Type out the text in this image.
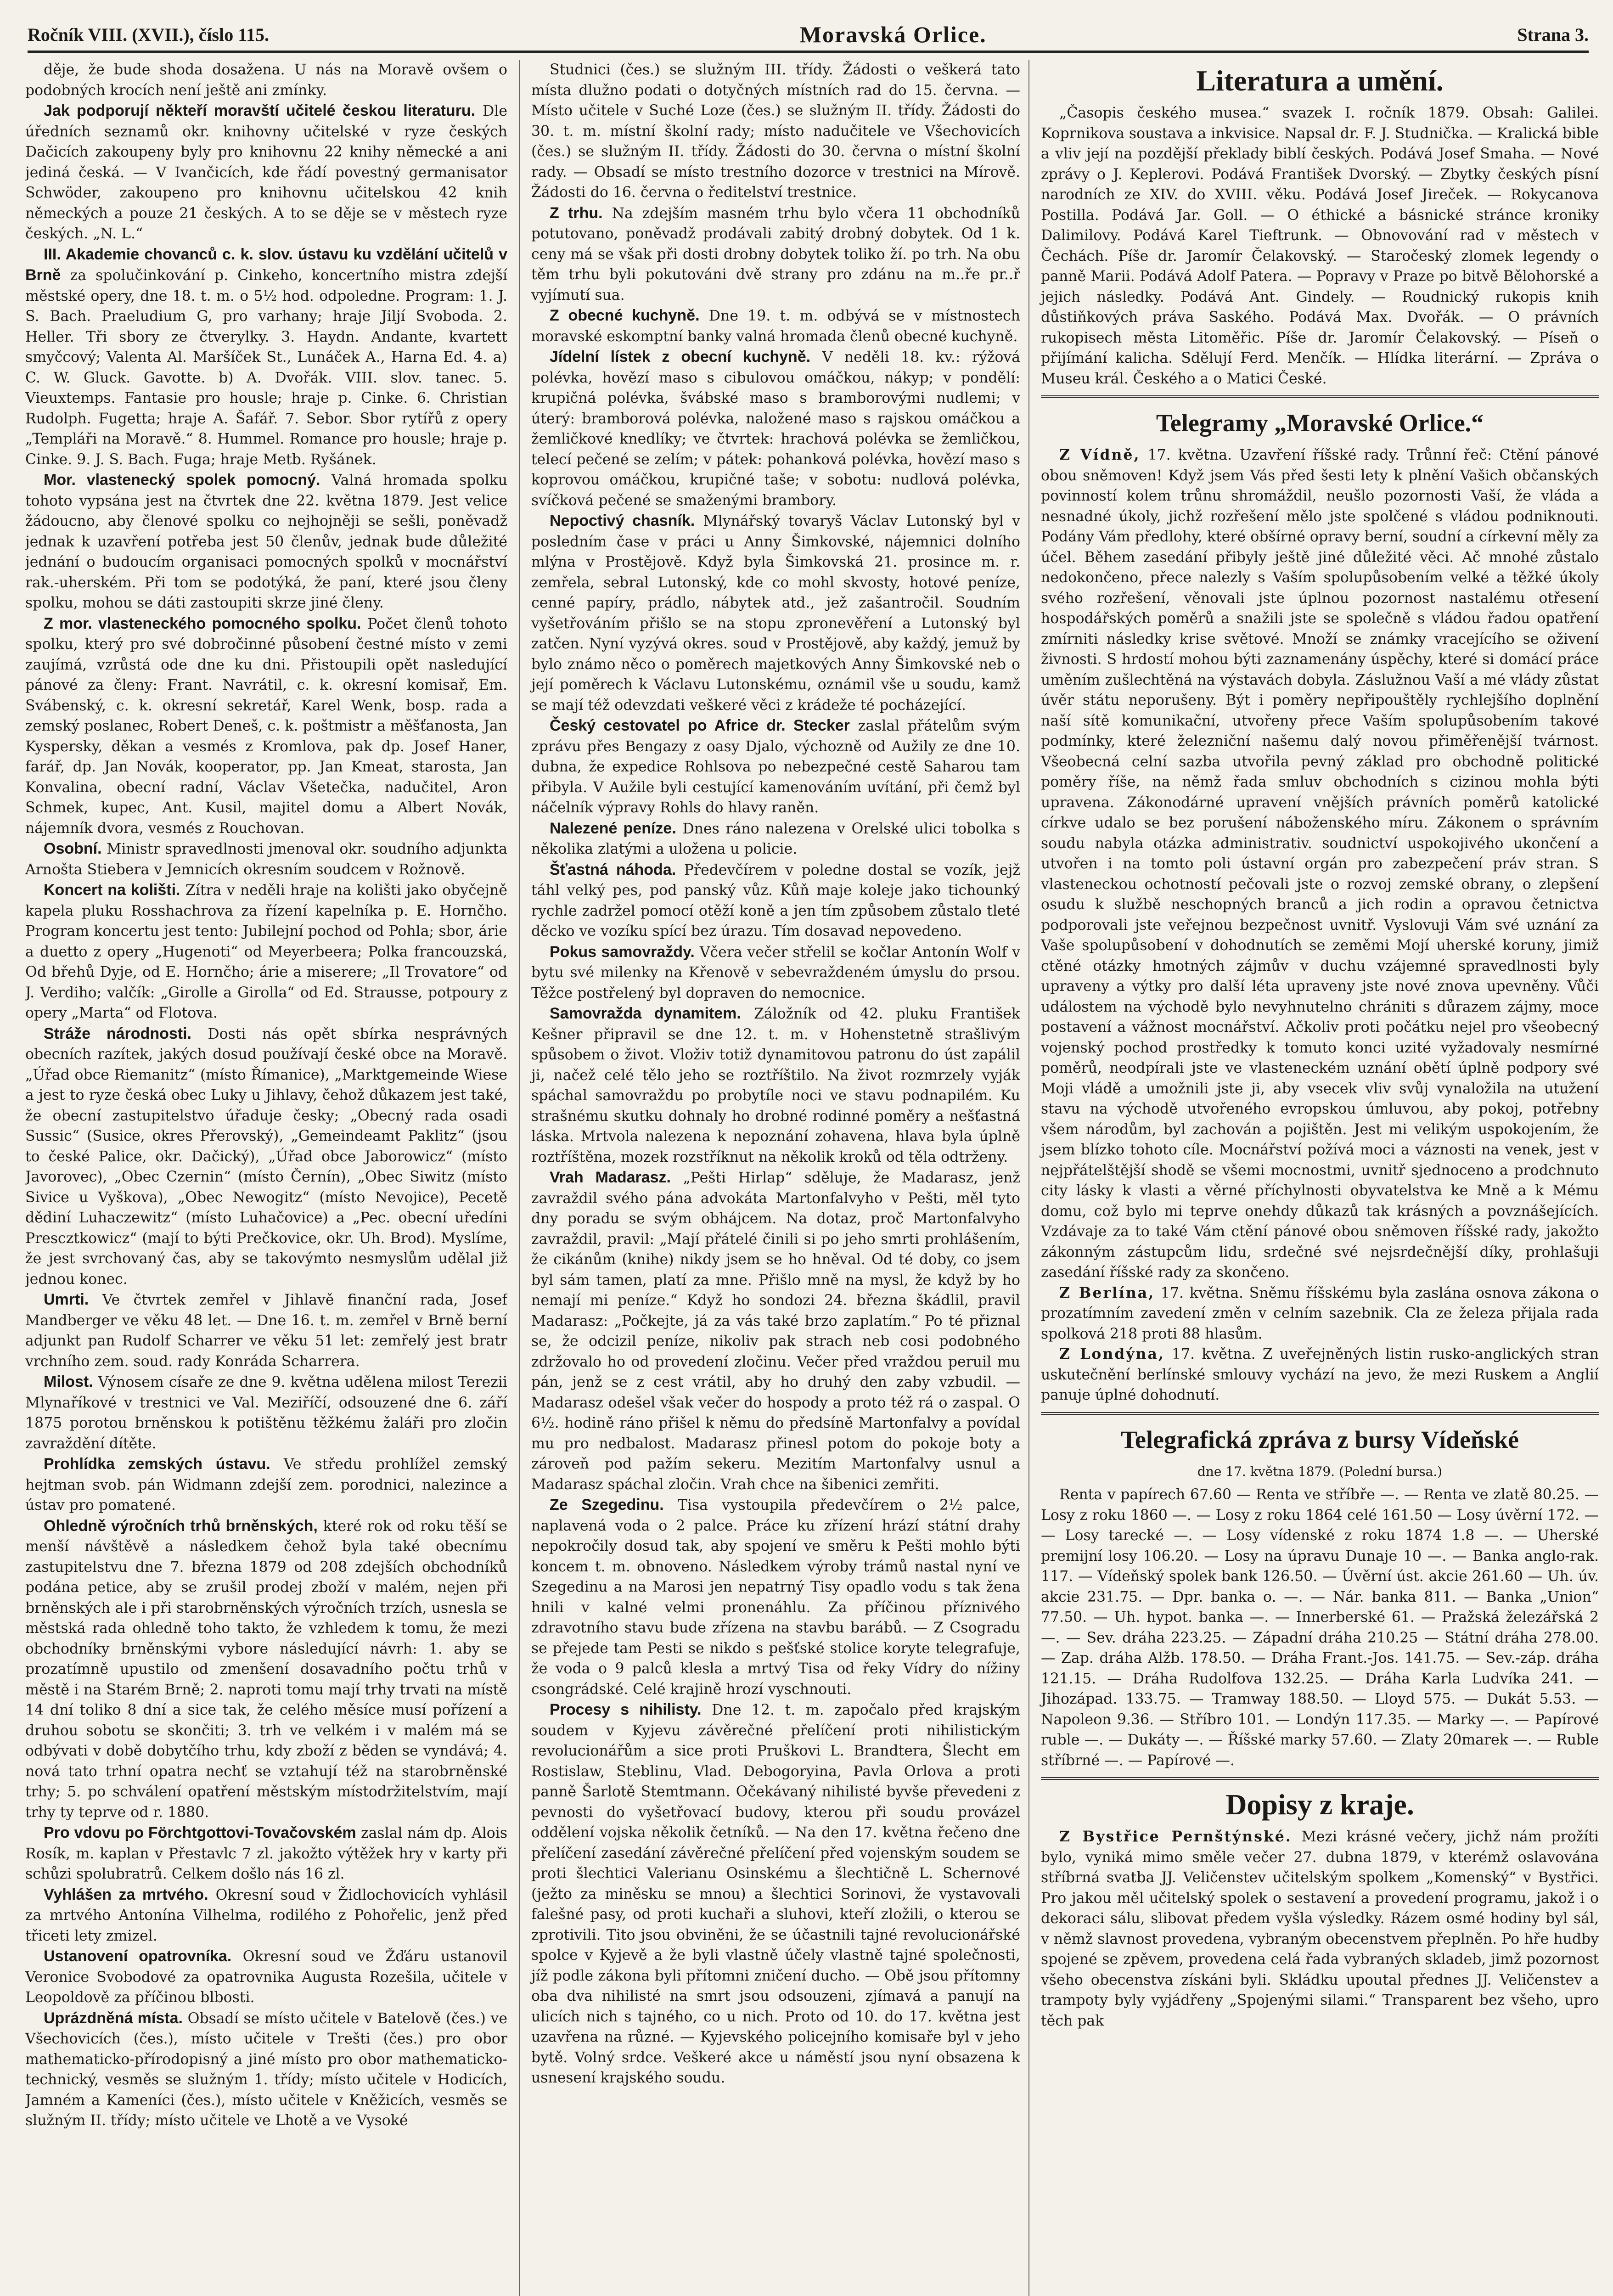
Ročník VIII. (XVII.), číslo 115.	Moravská Orlice.	Strana 3.

děje, že bude shoda dosažena. U nás na Moravě ovšem o podobných krocích není ještě ani zmínky.

Jak podporují někteří moravští učitelé českou literaturu. Dle úředních seznamů okr. knihovny učitelské v ryze českých Dačicích zakoupeny byly pro knihovnu 22 knihy německé a ani jediná česká. — V Ivančicích, kde řádí povestný germanisator Schwöder, zakoupeno pro knihovnu učitelskou 42 knih německých a pouze 21 českých. A to se děje se v městech ryze českých. „N. L.“

III. Akademie chovanců c. k. slov. ústavu ku vzdělání učitelů v Brně za spolučinkování p. Cinkeho, koncertního mistra zdejší městské opery, dne 18. t. m. o 5½ hod. odpoledne. Program: 1. J. S. Bach. Praeludium G, pro varhany; hraje Jiljí Svoboda. 2. Heller. Tři sbory ze čtverylky. 3. Haydn. Andante, kvartett smyčcový; Valenta Al. Maršíček St., Lunáček A., Harna Ed. 4. a) C. W. Gluck. Gavotte. b) A. Dvořák. VIII. slov. tanec. 5. Vieuxtemps. Fantasie pro housle; hraje p. Cinke. 6. Christian Rudolph. Fugetta; hraje A. Šafář. 7. Sebor. Sbor rytířů z opery „Templáři na Moravě.“ 8. Hummel. Romance pro housle; hraje p. Cinke. 9. J. S. Bach. Fuga; hraje Metb. Ryšánek.

Mor. vlastenecký spolek pomocný. Valná hromada spolku tohoto vypsána jest na čtvrtek dne 22. května 1879. Jest velice žádoucno, aby členové spolku co nejhojněji se sešli, poněvadž jednak k uzavření potřeba jest 50 členův, jednak bude důležité jednání o budoucím organisaci pomocných spolků v mocnářství rak.-uherském. Při tom se podotýká, že paní, které jsou členy spolku, mohou se dáti zastoupiti skrze jiné členy.

Z mor. vlasteneckého pomocného spolku. Počet členů tohoto spolku, který pro své dobročinné působení čestné místo v zemi zaujímá, vzrůstá ode dne ku dni. Přistoupili opět nasledující pánové za členy: Frant. Navrátil, c. k. okresní komisař, Em. Svábenský, c. k. okresní sekretář, Karel Wenk, bosp. rada a zemský poslanec, Robert Deneš, c. k. poštmistr a měšťanosta, Jan Kyspersky, děkan a vesmés z Kromlova, pak dp. Josef Haner, farář, dp. Jan Novák, kooperator, pp. Jan Kmeat, starosta, Jan Konvalina, obecní radní, Václav Všetečka, nadučitel, Aron Schmek, kupec, Ant. Kusil, majitel domu a Albert Novák, nájemník dvora, vesmés z Rouchovan.

Osobní. Ministr spravedlnosti jmenoval okr. soudního adjunkta Arnošta Stiebera v Jemnicích okresním soudcem v Rožnově.

Koncert na kolišti. Zítra v neděli hraje na kolišti jako obyčejně kapela pluku Rosshachrova za řízení kapelníka p. E. Hornčho. Program koncertu jest tento: Jubilejní pochod od Pohla; sbor, árie a duetto z opery „Hugenoti“ od Meyerbeera; Polka francouzská, Od břehů Dyje, od E. Hornčho; árie a miserere; „Il Trovatore“ od J. Verdiho; valčík: „Girolle a Girolla“ od Ed. Strausse, potpoury z opery „Marta“ od Flotova.

Stráže národnosti. Dosti nás opět sbírka nesprávných obecních razítek, jakých dosud používají české obce na Moravě. „Úřad obce Riemanitz“ (místo Římanice), „Marktgemeinde Wiese a jest to ryze česká obec Luky u Jihlavy, čehož důkazem jest také, že obecní zastupitelstvo úřaduje česky; „Obecný rada osadi Sussic“ (Susice, okres Přerovský), „Gemeindeamt Paklitz“ (jsou to české Palice, okr. Dačický), „Úřad obce Jaborowicz“ (místo Javorovec), „Obec Czernin“ (místo Černín), „Obec Siwitz (místo Sivice u Vyškova), „Obec Newogitz“ (místo Nevojice), Pecetě dědiní Luhaczewitz“ (místo Luhačovice) a „Pec. obecní uředíni Prescztkowicz“ (mají to býti Prečkovice, okr. Uh. Brod). Myslíme, že jest svrchovaný čas, aby se takovýmto nesmyslům udělal již jednou konec.

Umrti. Ve čtvrtek zemřel v Jihlavě finanční rada, Josef Mandberger ve věku 48 let. — Dne 16. t. m. zemřel v Brně berní adjunkt pan Rudolf Scharrer ve věku 51 let: zemřelý jest bratr vrchního zem. soud. rady Konráda Scharrera.

Milost. Výnosem císaře ze dne 9. května udělena milost Terezii Mlynaříkové v trestnici ve Val. Meziříčí, odsouzené dne 6. září 1875 porotou brněnskou k potištěnu těžkému žaláři pro zločin zavraždění dítěte.

Prohlídka zemských ústavu. Ve středu prohlížel zemský hejtman svob. pán Widmann zdejší zem. porodnici, nalezince a ústav pro pomatené.

Ohledně výročních trhů brněnských, které rok od roku těší se menší návštěvě a následkem čehož byla také obecnímu zastupitelstvu dne 7. března 1879 od 208 zdejších obchodníků podána petice, aby se zrušil prodej zboží v malém, nejen při brněnských ale i při starobrněnských výročních trzích, usnesla se městská rada ohledně toho takto, že vzhledem k tomu, že mezi obchodníky brněnskými vybore následující návrh: 1. aby se prozatímně upustilo od zmenšení dosavadního počtu trhů v městě i na Starém Brně; 2. naproti tomu mají trhy trvati na místě 14 dní toliko 8 dní a sice tak, že celého měsíce musí pořízení a druhou sobotu se skončiti; 3. trh ve velkém i v malém má se odbývati v době dobytčího trhu, kdy zboží z běden se vyndává; 4. nová tato trhní opatra nechť se vztahují též na starobrněnské trhy; 5. po schválení opatření městským místodržitelstvím, mají trhy ty teprve od r. 1880.

Pro vdovu po Förchtgottovi-Tovačovském zaslal nám dp. Alois Rosík, m. kaplan v Přestavlc 7 zl. jakožto výtěžek hry v karty při schůzi spolubratrů. Celkem došlo nás 16 zl.

Vyhlášen za mrtvého. Okresní soud v Židlochovicích vyhlásil za mrtvého Antonína Vilhelma, rodilého z Pohořelic, jenž před třiceti lety zmizel.

Ustanovení opatrovníka. Okresní soud ve Žďáru ustanovil Veronice Svobodové za opatrovnika Augusta Rozešila, učitele v Leopoldově za příčinou blbosti.

Uprázdněná místa. Obsadí se místo učitele v Batelově (čes.) ve Všechovicích (čes.), místo učitele v Trešti (čes.) pro obor mathematicko-přírodopisný a jiné místo pro obor mathematicko-technický, vesměs se služným 1. třídy; místo učitele v Hodicích, Jamném a Kameníci (čes.), místo učitele v Kněžicích, vesměs se služným II. třídy; místo učitele ve Lhotě a ve Vysoké

Studnici (čes.) se služným III. třídy. Žádosti o veškerá tato místa dlužno podati o dotyčných místních rad do 15. června. — Místo učitele v Suché Loze (čes.) se služným II. třídy. Žádosti do 30. t. m. místní školní rady; místo nadučitele ve Všechovicích (čes.) se služným II. třídy. Žádosti do 30. června o místní školní rady. — Obsadí se místo trestního dozorce v trestnici na Mírově. Žádosti do 16. června o ředitelství trestnice.

Z trhu. Na zdejším masném trhu bylo včera 11 obchodníků potutovano, poněvadž prodávali zabitý drobný dobytek. Od 1 k. ceny má se však při dosti drobny dobytek toliko ží. po trh. Na obu těm trhu byli pokutováni dvě strany pro zdánu na m..ře pr..ř vyjímutí sua.

Z obecné kuchyně. Dne 19. t. m. odbývá se v místnostech moravské eskomptní banky valná hromada členů obecné kuchyně.

Jídelní lístek z obecní kuchyně. V neděli 18. kv.: rýžová polévka, hovězí maso s cibulovou omáčkou, nákyp; v pondělí: krupičná polévka, švábské maso s bramborovými nudlemi; v úterý: bramborová polévka, naložené maso s rajskou omáčkou a žemličkové knedlíky; ve čtvrtek: hrachová polévka se žemličkou, telecí pečené se zelím; v pátek: pohanková polévka, hovězí maso s koprovou omáčkou, krupičné taše; v sobotu: nudlová polévka, svíčková pečené se smaženými brambory.

Nepoctivý chasník. Mlynářský tovaryš Václav Lutonský byl v posledním čase v práci u Anny Šimkovské, nájemnici dolního mlýna v Prostějově. Když byla Šimkovská 21. prosince m. r. zemřela, sebral Lutonský, kde co mohl skvosty, hotové peníze, cenné papíry, prádlo, nábytek atd., jež zašantročil. Soudním vyšetřováním přišlo se na stopu zpronevěření a Lutonský byl zatčen. Nyní vyzývá okres. soud v Prostějově, aby každý, jemuž by bylo známo něco o poměrech majetkových Anny Šimkovské neb o její poměrech k Václavu Lutonskému, oznámil vše u soudu, kamž se mají též odevzdati veškeré věci z krádeže té pocházející.

Český cestovatel po Africe dr. Stecker zaslal přátelům svým zprávu přes Bengazy z oasy Djalo, výchozně od Aužily ze dne 10. dubna, že expedice Rohlsova po nebezpečné cestě Saharou tam přibyla. V Aužile byli cestující kamenováním uvítání, při čemž byl náčelník výpravy Rohls do hlavy raněn.

Nalezené peníze. Dnes ráno nalezena v Orelské ulici tobolka s několika zlatými a uložena u policie.

Šťastná náhoda. Předevčírem v poledne dostal se vozík, jejž táhl velký pes, pod panský vůz. Kůň maje koleje jako tichounký rychle zadržel pomocí otěží koně a jen tím způsobem zůstalo tleté děcko ve vozíku spící bez úrazu. Tím dosavad nepovedeno.

Pokus samovraždy. Včera večer střelil se kočlar Antonín Wolf v bytu své milenky na Křenově v sebevraždeném úmyslu do prsou. Těžce postřelený byl dopraven do nemocnice.

Samovražda dynamitem. Záložník od 42. pluku František Kešner připravil se dne 12. t. m. v Hohenstetně strašlivým spůsobem o život. Vloživ totiž dynamitovou patronu do úst zapálil ji, načež celé tělo jeho se roztříštilo. Na život rozmrzely vyják spáchal samovraždu po probytíle noci ve stavu podnapilém. Ku strašnému skutku dohnaly ho drobné rodinné poměry a nešťastná láska. Mrtvola nalezena k nepoznání zohavena, hlava byla úplně roztříštěna, mozek rozstříknut na několik kroků od těla odtrženy.

Vrah Madarasz. „Pešti Hirlap“ sděluje, že Madarasz, jenž zavraždil svého pána advokáta Martonfalvyho v Pešti, měl tyto dny poradu se svým obhájcem. Na dotaz, proč Martonfalvyho zavraždil, pravil: „Mají přátelé činili si po jeho smrti prohlášením, že cikánům (knihe) nikdy jsem se ho hněval. Od té doby, co jsem byl sám tamen, platí za mne. Přišlo mně na mysl, že když by ho nemají mi peníze.“ Když ho sondozi 24. března škádlil, pravil Madarasz: „Počkejte, já za vás také brzo zaplatím.“ Po té přiznal se, že odcizil peníze, nikoliv pak strach neb cosi podobného zdržovalo ho od provedení zločinu. Večer před vraždou peruil mu pán, jenž se z cest vrátil, aby ho druhý den zaby vzbudil. — Madarasz odešel však večer do hospody a proto též rá o zaspal. O 6½. hodině ráno přišel k němu do předsíně Martonfalvy a povídal mu pro nedbalost. Madarasz přinesl potom do pokoje boty a zároveň pod pažím sekeru. Mezitím Martonfalvy usnul a Madarasz spáchal zločin. Vrah chce na šibenici zemřiti.

Ze Szegedinu. Tisa vystoupila předevčírem o 2½ palce, naplavená voda o 2 palce. Práce ku zřízení hrází státní drahy nepokročily dosud tak, aby spojení ve směru k Pešti mohlo býti koncem t. m. obnoveno. Následkem výroby trámů nastal nyní ve Szegedinu a na Marosi jen nepatrný Tisy opadlo vodu s tak žena hnili v kalné velmi pronenáhlu. Za příčinou příznivého zdravotního stavu bude zřízena na stavbu barábů. — Z Csogradu se přejede tam Pesti se nikdo s pešťské stolice koryte telegrafuje, že voda o 9 palců klesla a mrtvý Tisa od řeky Vídry do nížiny csongrádské. Celé krajině hrozí vyschnouti.

Procesy s nihilisty. Dne 12. t. m. započalo před krajským soudem v Kyjevu závěrečné přelíčení proti nihilistickým revolucionářům a sice proti Pruškovi L. Brandtera, Šlecht em Rostislaw, Steblinu, Vlad. Debogoryina, Pavla Orlova a proti panně Šarlotě Stemtmann. Očekávaný nihilisté byvše převedeni z pevnosti do vyšetřovací budovy, kterou při soudu provázel oddělení vojska několik četníků. — Na den 17. května řečeno dne přelíčení zasedání závěrečné přelíčení před vojenským soudem se proti šlechtici Valerianu Osinskému a šlechtičně L. Schernové (ježto za miněsku se mnou) a šlechtici Sorinovi, že vystavovali falešné pasy, od proti kuchaři a sluhovi, kteří zložili, o kterou se zprotivili. Tito jsou obviněni, že se účastnili tajné revolucionářské spolce v Kyjevě a že byli vlastně účely vlastně tajné společnosti, jíž podle zákona byli přítomni zničení ducho. — Obě jsou přítomny oba dva nihilisté na smrt jsou odsouzeni, zjímavá a panují na ulicích nich s tajného, co u nich. Proto od 10. do 17. května jest uzavřena na různé. — Kyjevského policejního komisaře byl v jeho bytě. Volný srdce. Veškeré akce u náměstí jsou nyní obsazena k usnesení krajského soudu.

Literatura a umění.

„Časopis českého musea.“ svazek I. ročník 1879. Obsah: Galilei. Koprnikova soustava a inkvisice. Napsal dr. F. J. Studnička. — Kralická bible a vliv její na pozdější překlady biblí českých. Podává Josef Smaha. — Nové zprávy o J. Keplerovi. Podává František Dvorský. — Zbytky českých písní narodních ze XIV. do XVIII. věku. Podává Josef Jireček. — Rokycanova Postilla. Podává Jar. Goll. — O éthické a básnické stránce kroniky Dalimilovy. Podává Karel Tieftrunk. — Obnovování rad v městech v Čechách. Píše dr. Jaromír Čelakovský. — Staročeský zlomek legendy o panně Marii. Podává Adolf Patera. — Popravy v Praze po bitvě Bělohorské a jejich následky. Podává Ant. Gindely. — Roudnický rukopis knih důstiňkových práva Saského. Podává Max. Dvořák. — O právních rukopisech města Litoměřic. Píše dr. Jaromír Čelakovský. — Píseň o přijímání kalicha. Sdělují Ferd. Menčík. — Hlídka literární. — Zpráva o Museu král. Českého a o Matici České.

Telegramy „Moravské Orlice.“

Z Vídně, 17. května. Uzavření říšské rady. Trůnní řeč: Ctění pánové obou sněmoven! Když jsem Vás před šesti lety k plnění Vašich občanských povinností kolem trůnu shromáždil, neušlo pozornosti Vaší, že vláda a nesnadné úkoly, jichž rozřešení mělo jste spolčené s vládou podniknouti. Podány Vám předlohy, které obšírné opravy berní, soudní a církevní měly za účel. Během zasedání přibyly ještě jiné důležité věci. Ač mnohé zůstalo nedokončeno, přece nalezly s Vaším spolupůsobením velké a těžké úkoly svého rozřešení, věnovali jste úplnou pozornost nastalému otřesení hospodářských poměrů a snažili jste se společně s vládou řadou opatření zmírniti následky krise světové. Množí se známky vracejícího se oživení živnosti. S hrdostí mohou býti zaznamenány úspěchy, které si domácí práce uměním zušlechtěná na výstavách dobyla. Záslužnou Vaší a mé vlády zůstat úvěr státu neporušeny. Být i poměry nepřipouštěly rychlejšího doplnění naší sítě komunikační, utvořeny přece Vaším spolupůsobením takové podmínky, které železniční našemu dalý novou přiměřenější tvárnost. Všeobecná celní sazba utvořila pevný základ pro obchodně politické poměry říše, na němž řada smluv obchodních s cizinou mohla býti upravena. Zákonodárné upravení vnějších právních poměrů katolické církve udalo se bez porušení náboženského míru. Zákonem o správním soudu nabyla otázka administrativ. soudnictví uspokojivého ukončení a utvořen i na tomto poli ústavní orgán pro zabezpečení práv stran. S vlasteneckou ochotností pečovali jste o rozvoj zemské obrany, o zlepšení osudu k službě neschopných branců a jich rodin a opravou četnictva podporovali jste veřejnou bezpečnost uvnitř. Vyslovuji Vám své uznání za Vaše spolupůsobení v dohodnutích se zeměmi Mojí uherské koruny, jimiž ctěné otázky hmotných zájmův v duchu vzájemné spravedlnosti byly upraveny a výtky pro další léta upraveny jste nové znova upevněny. Vůči událostem na východě bylo nevyhnutelno chrániti s důrazem zájmy, moce postavení a vážnost mocnářství. Ačkoliv proti počátku nejel pro všeobecný vojenský pochod prostředky k tomuto konci uzité vyžadovaly nesmírné poměrů, neodpírali jste ve vlasteneckém uznání obětí úplně podpory své Moji vládě a umožnili jste ji, aby vsecek vliv svůj vynaložila na utužení stavu na východě utvořeného evropskou úmluvou, aby pokoj, potřebny všem národům, byl zachován a pojištěn. Jest mi velikým uspokojením, že jsem blízko tohoto cíle. Mocnářství požívá moci a váznosti na venek, jest v nejpřátelštější shodě se všemi mocnostmi, uvnitř sjednoceno a prodchnuto city lásky k vlasti a věrné příchylnosti obyvatelstva ke Mně a k Mému domu, což bylo mi teprve onehdy důkazů tak krásných a povznášejících. Vzdávaje za to také Vám ctění pánové obou sněmoven říšské rady, jakožto zákonným zástupcům lidu, srdečné své nejsrdečnější díky, prohlašuji zasedání říšské rady za skončeno.

Z Berlína, 17. května. Sněmu říšskému byla zaslána osnova zákona o prozatímním zavedení změn v celním sazebnik. Cla ze železa přijala rada spolková 218 proti 88 hlasům.

Z Londýna, 17. května. Z uveřejněných listin rusko-anglických stran uskutečnění berlínské smlouvy vychází na jevo, že mezi Ruskem a Anglií panuje úplné dohodnutí.

Telegrafická zpráva z bursy Vídeňské
dne 17. května 1879. (Polední bursa.)

Renta v papírech 67.60 — Renta ve stříbře —. — Renta ve zlatě 80.25. — Losy z roku 1860 —. — Losy z roku 1864 celé 161.50 — Losy úvěrní 172. — — Losy tarecké —. — Losy vídenské z roku 1874 1.8 —. — Uherské premijní losy 106.20. — Losy na úpravu Dunaje 10 —. — Banka anglo-rak. 117. — Vídeňský spolek bank 126.50. — Úvěrní úst. akcie 261.60 — Uh. úv. akcie 231.75. — Dpr. banka o. —. — Nár. banka 811. — Banka „Union“ 77.50. — Uh. hypot. banka —. — Innerberské 61. — Pražská železářská 2 —. — Sev. dráha 223.25. — Západní dráha 210.25 — Státní dráha 278.00. — Zap. dráha Alžb. 178.50. — Dráha Frant.-Jos. 141.75. — Sev.-záp. dráha 121.15. — Dráha Rudolfova 132.25. — Dráha Karla Ludvíka 241. — Jihozápad. 133.75. — Tramway 188.50. — Lloyd 575. — Dukát 5.53. — Napoleon 9.36. — Stříbro 101. — Londýn 117.35. — Marky —. — Papírové ruble —. — Dukáty —. — Říšské marky 57.60. — Zlaty 20marek —. — Ruble stříbrné —. — Papírové —.

Dopisy z kraje.

Z Bystřice Pernštýnské. Mezi krásné večery, jichž nám prožíti bylo, vyniká mimo směle večer 27. dubna 1879, v kterémž oslavována stříbrná svatba JJ. Veličenstev učitelským spolkem „Komenský“ v Bystřici. Pro jakou měl učitelský spolek o sestavení a provedení programu, jakož i o dekoraci sálu, slibovat předem vyšla výsledky. Rázem osmé hodiny byl sál, v němž slavnost provedena, vybraným obecenstvem přeplněn. Po hře hudby spojené se zpěvem, provedena celá řada vybraných skladeb, jimž pozornost všeho obecenstva získáni byli. Skládku upoutal přednes JJ. Veličenstev a trampoty byly vyjádřeny „Spojenými silami.“ Transparent bez všeho, upro těch pak
